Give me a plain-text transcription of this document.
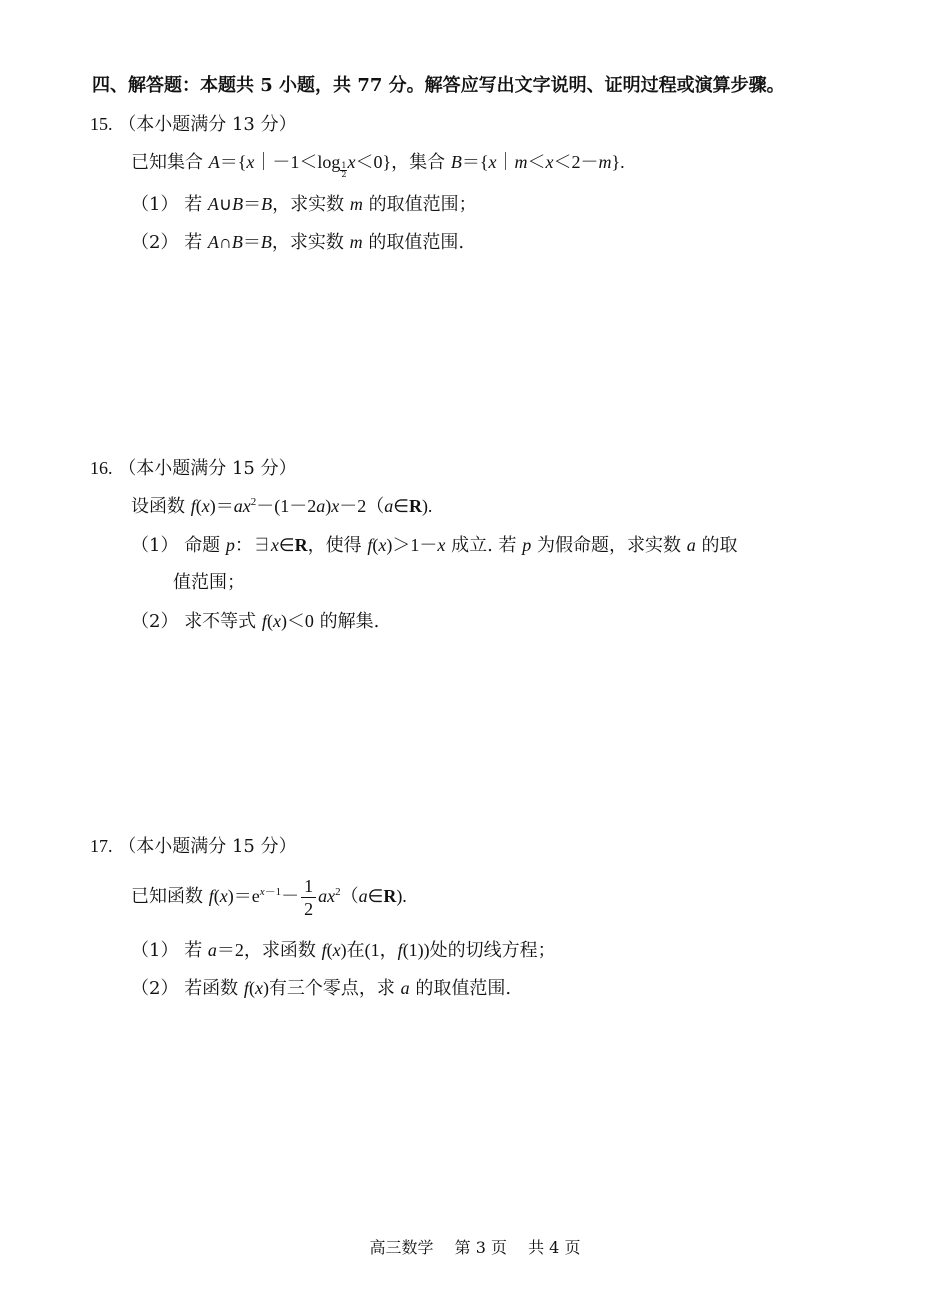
四、解答题：本题共 5 小题，共 77 分。解答应写出文字说明、证明过程或演算步骤。
15. （本小题满分 13 分）
已知集合 A＝{x｜－1＜log $\frac{1}{2} x<0$}，集合 B＝{x｜m＜x＜2－m}.
（1） 若 A∪B＝B，求实数 m 的取值范围；
（2） 若 A∩B＝B，求实数 m 的取值范围.
16. （本小题满分 15 分）
设函数 $f(x)=ax^2-(1-2a)x-2(a\in R)$.
（1） 命题 p：∃x∈R，使得 f(x)＞1－x 成立. 若 p 为假命题，求实数 a 的取
值范围；
（2） 求不等式 f(x)＜0 的解集.
17. （本小题满分 15 分）
已知函数 $f(x)=e^{x-1}- \frac{1}{2}$ $ax^2(a\in R)$.
（1） 若 a＝2，求函数 f(x)在(1，f(1))处的切线方程；
（2） 若函数 f(x)有三个零点，求 a 的取值范围.
高三数学 第 3 页 共 4 页
